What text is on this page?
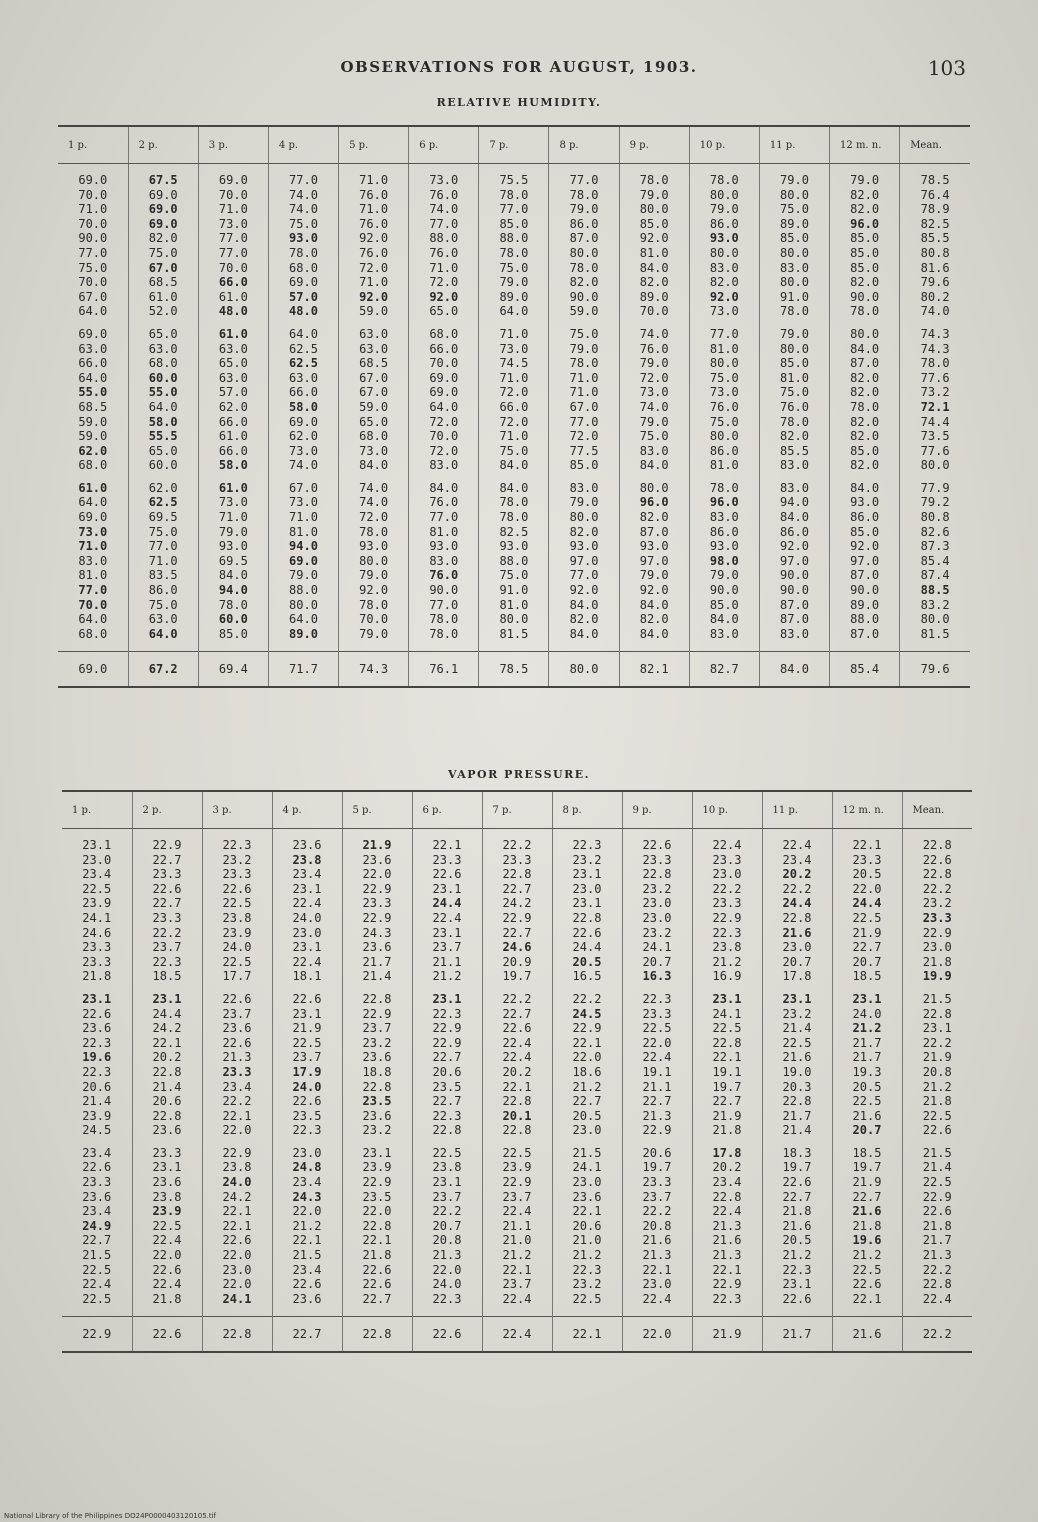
OBSERVATIONS FOR AUGUST, 1903.	103
RELATIVE HUMIDITY.
1 p.	2 p.	3 p.	4 p.	5 p.	6 p.	7 p.	8 p.	9 p.	10 p.	11 p.	12 m. n.	Mean.

69.0	67.5	69.0	77.0	71.0	73.0	75.5	77.0	78.0	78.0	79.0	79.0	78.5
70.0	69.0	70.0	74.0	76.0	76.0	78.0	78.0	79.0	80.0	80.0	82.0	76.4
71.0	69.0	71.0	74.0	71.0	74.0	77.0	79.0	80.0	79.0	75.0	82.0	78.9
70.0	69.0	73.0	75.0	76.0	77.0	85.0	86.0	85.0	86.0	89.0	96.0	82.5
90.0	82.0	77.0	93.0	92.0	88.0	88.0	87.0	92.0	93.0	85.0	85.0	85.5
77.0	75.0	77.0	78.0	76.0	76.0	78.0	80.0	81.0	80.0	80.0	85.0	80.8
75.0	67.0	70.0	68.0	72.0	71.0	75.0	78.0	84.0	83.0	83.0	85.0	81.6
70.0	68.5	66.0	69.0	71.0	72.0	79.0	82.0	82.0	82.0	80.0	82.0	79.6
67.0	61.0	61.0	57.0	92.0	92.0	89.0	90.0	89.0	92.0	91.0	90.0	80.2
64.0	52.0	48.0	48.0	59.0	65.0	64.0	59.0	70.0	73.0	78.0	78.0	74.0

69.0	65.0	61.0	64.0	63.0	68.0	71.0	75.0	74.0	77.0	79.0	80.0	74.3
63.0	63.0	63.0	62.5	63.0	66.0	73.0	79.0	76.0	81.0	80.0	84.0	74.3
66.0	68.0	65.0	62.5	68.5	70.0	74.5	78.0	79.0	80.0	85.0	87.0	78.0
64.0	60.0	63.0	63.0	67.0	69.0	71.0	71.0	72.0	75.0	81.0	82.0	77.6
55.0	55.0	57.0	66.0	67.0	69.0	72.0	71.0	73.0	73.0	75.0	82.0	73.2
68.5	64.0	62.0	58.0	59.0	64.0	66.0	67.0	74.0	76.0	76.0	78.0	72.1
59.0	58.0	66.0	69.0	65.0	72.0	72.0	77.0	79.0	75.0	78.0	82.0	74.4
59.0	55.5	61.0	62.0	68.0	70.0	71.0	72.0	75.0	80.0	82.0	82.0	73.5
62.0	65.0	66.0	73.0	73.0	72.0	75.0	77.5	83.0	86.0	85.5	85.0	77.6
68.0	60.0	58.0	74.0	84.0	83.0	84.0	85.0	84.0	81.0	83.0	82.0	80.0

61.0	62.0	61.0	67.0	74.0	84.0	84.0	83.0	80.0	78.0	83.0	84.0	77.9
64.0	62.5	73.0	73.0	74.0	76.0	78.0	79.0	96.0	96.0	94.0	93.0	79.2
69.0	69.5	71.0	71.0	72.0	77.0	78.0	80.0	82.0	83.0	84.0	86.0	80.8
73.0	75.0	79.0	81.0	78.0	81.0	82.5	82.0	87.0	86.0	86.0	85.0	82.6
71.0	77.0	93.0	94.0	93.0	93.0	93.0	93.0	93.0	93.0	92.0	92.0	87.3
83.0	71.0	69.5	69.0	80.0	83.0	88.0	97.0	97.0	98.0	97.0	97.0	85.4
81.0	83.5	84.0	79.0	79.0	76.0	75.0	77.0	79.0	79.0	90.0	87.0	87.4
77.0	86.0	94.0	88.0	92.0	90.0	91.0	92.0	92.0	90.0	90.0	90.0	88.5
70.0	75.0	78.0	80.0	78.0	77.0	81.0	84.0	84.0	85.0	87.0	89.0	83.2
64.0	63.0	60.0	64.0	70.0	78.0	80.0	82.0	82.0	84.0	87.0	88.0	80.0
68.0	64.0	85.0	89.0	79.0	78.0	81.5	84.0	84.0	83.0	83.0	87.0	81.5

69.0	67.2	69.4	71.7	74.3	76.1	78.5	80.0	82.1	82.7	84.0	85.4	79.6
VAPOR PRESSURE.
1 p.	2 p.	3 p.	4 p.	5 p.	6 p.	7 p.	8 p.	9 p.	10 p.	11 p.	12 m. n.	Mean.

23.1	22.9	22.3	23.6	21.9	22.1	22.2	22.3	22.6	22.4	22.4	22.1	22.8
23.0	22.7	23.2	23.8	23.6	23.3	23.3	23.2	23.3	23.3	23.4	23.3	22.6
23.4	23.3	23.3	23.4	22.0	22.6	22.8	23.1	22.8	23.0	20.2	20.5	22.8
22.5	22.6	22.6	23.1	22.9	23.1	22.7	23.0	23.2	22.2	22.2	22.0	22.2
23.9	22.7	22.5	22.4	23.3	24.4	24.2	23.1	23.0	23.3	24.4	24.4	23.2
24.1	23.3	23.8	24.0	22.9	22.4	22.9	22.8	23.0	22.9	22.8	22.5	23.3
24.6	22.2	23.9	23.0	24.3	23.1	22.7	22.6	23.2	22.3	21.6	21.9	22.9
23.3	23.7	24.0	23.1	23.6	23.7	24.6	24.4	24.1	23.8	23.0	22.7	23.0
23.3	22.3	22.5	22.4	21.7	21.1	20.9	20.5	20.7	21.2	20.7	20.7	21.8
21.8	18.5	17.7	18.1	21.4	21.2	19.7	16.5	16.3	16.9	17.8	18.5	19.9

23.1	23.1	22.6	22.6	22.8	23.1	22.2	22.2	22.3	23.1	23.1	23.1	21.5
22.6	24.4	23.7	23.1	22.9	22.3	22.7	24.5	23.3	24.1	23.2	24.0	22.8
23.6	24.2	23.6	21.9	23.7	22.9	22.6	22.9	22.5	22.5	21.4	21.2	23.1
22.3	22.1	22.6	22.5	23.2	22.9	22.4	22.1	22.0	22.8	22.5	21.7	22.2
19.6	20.2	21.3	23.7	23.6	22.7	22.4	22.0	22.4	22.1	21.6	21.7	21.9
22.3	22.8	23.3	17.9	18.8	20.6	20.2	18.6	19.1	19.1	19.0	19.3	20.8
20.6	21.4	23.4	24.0	22.8	23.5	22.1	21.2	21.1	19.7	20.3	20.5	21.2
21.4	20.6	22.2	22.6	23.5	22.7	22.8	22.7	22.7	22.7	22.8	22.5	21.8
23.9	22.8	22.1	23.5	23.6	22.3	20.1	20.5	21.3	21.9	21.7	21.6	22.5
24.5	23.6	22.0	22.3	23.2	22.8	22.8	23.0	22.9	21.8	21.4	20.7	22.6

23.4	23.3	22.9	23.0	23.1	22.5	22.5	21.5	20.6	17.8	18.3	18.5	21.5
22.6	23.1	23.8	24.8	23.9	23.8	23.9	24.1	19.7	20.2	19.7	19.7	21.4
23.3	23.6	24.0	23.4	22.9	23.1	22.9	23.0	23.3	23.4	22.6	21.9	22.5
23.6	23.8	24.2	24.3	23.5	23.7	23.7	23.6	23.7	22.8	22.7	22.7	22.9
23.4	23.9	22.1	22.0	22.0	22.2	22.4	22.1	22.2	22.4	21.8	21.6	22.6
24.9	22.5	22.1	21.2	22.8	20.7	21.1	20.6	20.8	21.3	21.6	21.8	21.8
22.7	22.4	22.6	22.1	22.1	20.8	21.0	21.0	21.6	21.6	20.5	19.6	21.7
21.5	22.0	22.0	21.5	21.8	21.3	21.2	21.2	21.3	21.3	21.2	21.2	21.3
22.5	22.6	23.0	23.4	22.6	22.0	22.1	22.3	22.1	22.1	22.3	22.5	22.2
22.4	22.4	22.0	22.6	22.6	24.0	23.7	23.2	23.0	22.9	23.1	22.6	22.8
22.5	21.8	24.1	23.6	22.7	22.3	22.4	22.5	22.4	22.3	22.6	22.1	22.4

22.9	22.6	22.8	22.7	22.8	22.6	22.4	22.1	22.0	21.9	21.7	21.6	22.2
National Library of the Philippines DO24P0000403120105.tif
